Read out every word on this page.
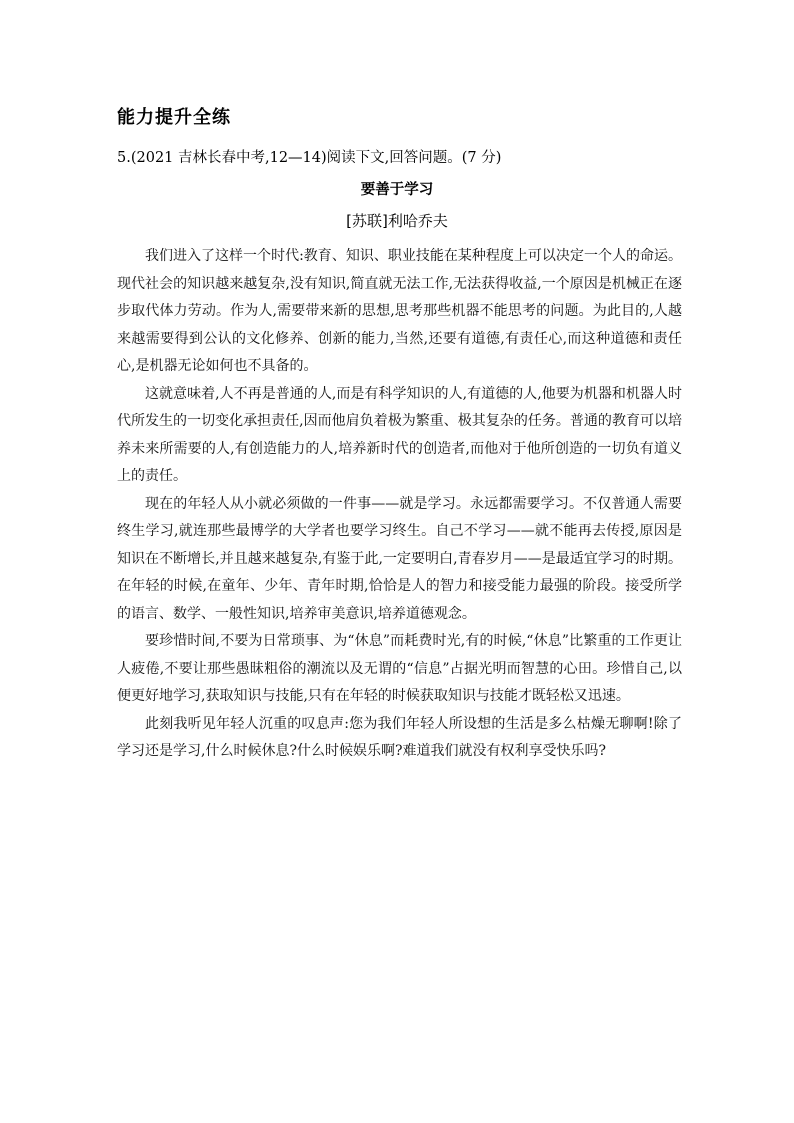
能力提升全练
5.(2021 吉林长春中考,12—14)阅读下文,回答问题。(7 分)
要善于学习
[苏联]利哈乔夫

我们进入了这样一个时代:教育、知识、职业技能在某种程度上可以决定一个人的命运。现代社会的知识越来越复杂,没有知识,简直就无法工作,无法获得收益,一个原因是机械正在逐步取代体力劳动。作为人,需要带来新的思想,思考那些机器不能思考的问题。为此目的,人越来越需要得到公认的文化修养、创新的能力,当然,还要有道德,有责任心,而这种道德和责任心,是机器无论如何也不具备的。

这就意味着,人不再是普通的人,而是有科学知识的人,有道德的人,他要为机器和机器人时代所发生的一切变化承担责任,因而他肩负着极为繁重、极其复杂的任务。普通的教育可以培养未来所需要的人,有创造能力的人,培养新时代的创造者,而他对于他所创造的一切负有道义上的责任。

现在的年轻人从小就必须做的一件事——就是学习。永远都需要学习。不仅普通人需要终生学习,就连那些最博学的大学者也要学习终生。自己不学习——就不能再去传授,原因是知识在不断增长,并且越来越复杂,有鉴于此,一定要明白,青春岁月——是最适宜学习的时期。在年轻的时候,在童年、少年、青年时期,恰恰是人的智力和接受能力最强的阶段。接受所学的语言、数学、一般性知识,培养审美意识,培养道德观念。

要珍惜时间,不要为日常琐事、为“休息”而耗费时光,有的时候,“休息”比繁重的工作更让人疲倦,不要让那些愚昧粗俗的潮流以及无谓的“信息”占据光明而智慧的心田。珍惜自己,以便更好地学习,获取知识与技能,只有在年轻的时候获取知识与技能才既轻松又迅速。

此刻我听见年轻人沉重的叹息声:您为我们年轻人所设想的生活是多么枯燥无聊啊!除了学习还是学习,什么时候休息?什么时候娱乐啊?难道我们就没有权利享受快乐吗?
